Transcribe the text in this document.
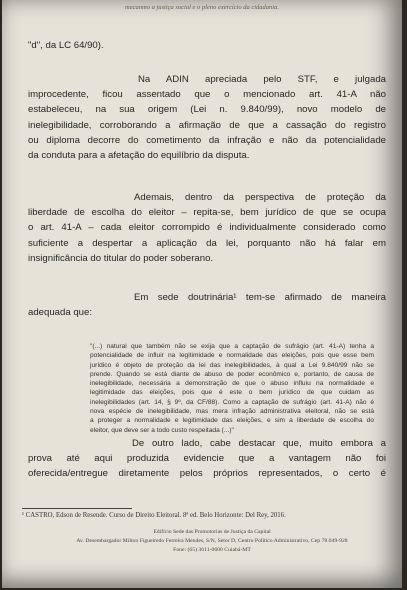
mecanmo a justiça social e o pleno exercício da cidadania.
"d", da LC 64/90).
Na ADIN apreciada pelo STF, e julgada
improcedente, ficou assentado que o mencionado art. 41-A não
estabeleceu, na sua origem (Lei n. 9.840/99), novo modelo de
inelegibilidade, corroborando a afirmação de que a cassação do registro
ou diploma decorre do cometimento da infração e não da potencialidade
da conduta para a afetação do equilíbrio da disputa.
Ademais, dentro da perspectiva de proteção da
liberdade de escolha do eleitor – repita-se, bem jurídico de que se ocupa
o art. 41-A – cada eleitor corrompido é individualmente considerado como
suficiente a despertar a aplicação da lei, porquanto não há falar em
insignificância do titular do poder soberano.
Em sede doutrinária¹ tem-se afirmado de maneira
adequada que:
"(...) natural que também não se exija que a captação de sufrágio (art. 41-A) tenha a
potencialidade de influir na legitimidade e normalidade das eleições, pois que esse bem
jurídico é objeto de proteção da lei das inelegibilidades, à qual a Lei 9.840/99 não se
prende. Quando se está diante de abuso de poder econômico e, portanto, de causa de
inelegibilidade, necessária a demonstração de que o abuso influiu na normalidade e
legitimidade das eleições, pois que é este o bem jurídico de que cuidam as
inelegibilidades (art. 14, § 9º, da CF/88). Como a captação de sufrágio (art. 41-A) não é
nova espécie de inelegibilidade, mas mera infração administrativa eleitoral, não se está
a proteger a normalidade e legitimidade das eleições, e sim a liberdade de escolha do
eleitor, que deve ser a todo custo respeitada (...)"
De outro lado, cabe destacar que, muito embora a
prova até aqui produzida evidencie que a vantagem não foi
oferecida/entregue diretamente pelos próprios representados, o certo é
¹ CASTRO, Edson de Resende. Curso de Direito Eleitoral. 8ª ed. Belo Horizonte: Del Rey, 2016.
Edifício Sede das Promotorias de Justiça da Capital
Av. Desembargador Milton Figueiredo Ferreira Mendes, S/N, Setor D, Centro Político Administrativo, Cep 78.049-928
Fone: (65) 3611-0600 Cuiabá-MT
